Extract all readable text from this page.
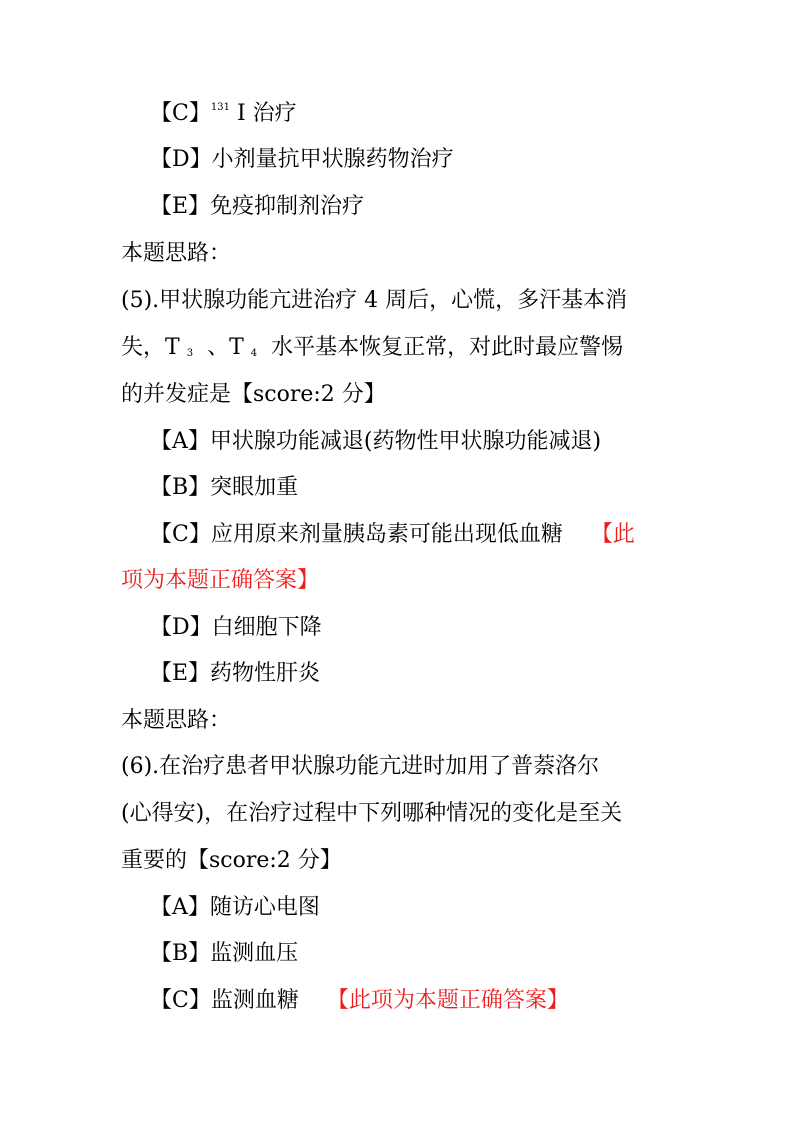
【C】$^{131}$ I 治疗
【D】小剂量抗甲状腺药物治疗
【E】免疫抑制剂治疗
本题思路：
(5).甲状腺功能亢进治疗 4 周后，心慌，多汗基本消
失，T $_3$ 、T $_4$ 水平基本恢复正常，对此时最应警惕
的并发症是【score:2 分】
【A】甲状腺功能减退(药物性甲状腺功能减退)
【B】突眼加重
【C】应用原来剂量胰岛素可能出现低血糖 【此
项为本题正确答案】
【D】白细胞下降
【E】药物性肝炎
本题思路：
(6).在治疗患者甲状腺功能亢进时加用了普萘洛尔
(心得安)，在治疗过程中下列哪种情况的变化是至关
重要的【score:2 分】
【A】随访心电图
【B】监测血压
【C】监测血糖 【此项为本题正确答案】
